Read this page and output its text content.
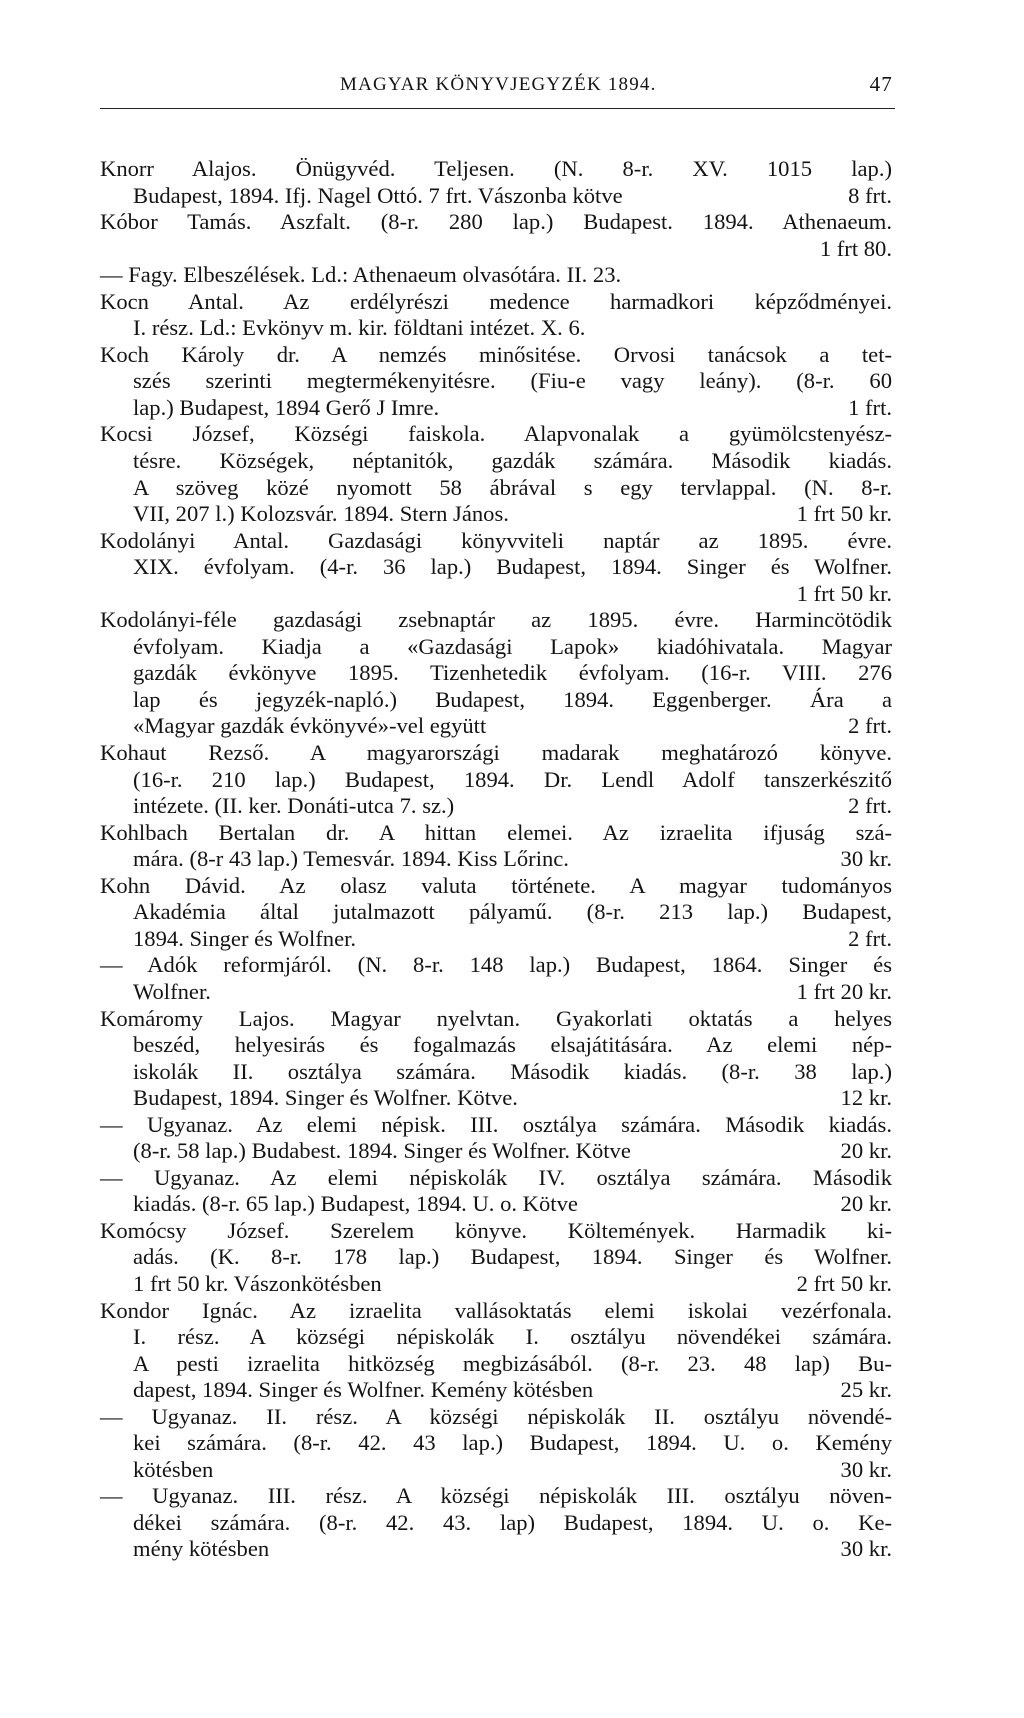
MAGYAR KÖNYVJEGYZÉK 1894.	47
Knorr Alajos. Önügyvéd. Teljesen. (N. 8-r. XV. 1015 lap.)
Budapest, 1894. Ifj. Nagel Ottó. 7 frt. Vászonba kötve	8 frt.
Kóbor Tamás. Aszfalt. (8-r. 280 lap.) Budapest. 1894. Athenaeum.
1 frt 80.
— Fagy. Elbeszélések. Ld.: Athenaeum olvasótára. II. 23.
Kocn Antal. Az erdélyrészi medence harmadkori képződményei.
I. rész. Ld.: Evkönyv m. kir. földtani intézet. X. 6.
Koch Károly dr. A nemzés minősitése. Orvosi tanácsok a tet-
szés szerinti megtermékenyitésre. (Fiu-e vagy leány). (8-r. 60
lap.) Budapest, 1894 Gerő J Imre.	1 frt.
Kocsi József, Községi faiskola. Alapvonalak a gyümölcstenyész-
tésre. Községek, néptanitók, gazdák számára. Második kiadás.
A szöveg közé nyomott 58 ábrával s egy tervlappal. (N. 8-r.
VII, 207 l.) Kolozsvár. 1894. Stern János.	1 frt 50 kr.
Kodolányi Antal. Gazdasági könyvviteli naptár az 1895. évre.
XIX. évfolyam. (4-r. 36 lap.) Budapest, 1894. Singer és Wolfner.
1 frt 50 kr.
Kodolányi-féle gazdasági zsebnaptár az 1895. évre. Harmincötödik
évfolyam. Kiadja a «Gazdasági Lapok» kiadóhivatala. Magyar
gazdák évkönyve 1895. Tizenhetedik évfolyam. (16-r. VIII. 276
lap és jegyzék-napló.) Budapest, 1894. Eggenberger. Ára a
«Magyar gazdák évkönyvé»-vel együtt	2 frt.
Kohaut Rezső. A magyarországi madarak meghatározó könyve.
(16-r. 210 lap.) Budapest, 1894. Dr. Lendl Adolf tanszerkészitő
intézete. (II. ker. Donáti-utca 7. sz.)	2 frt.
Kohlbach Bertalan dr. A hittan elemei. Az izraelita ifjuság szá-
mára. (8-r 43 lap.) Temesvár. 1894. Kiss Lőrinc.	30 kr.
Kohn Dávid. Az olasz valuta története. A magyar tudományos
Akadémia által jutalmazott pályamű. (8-r. 213 lap.) Budapest,
1894. Singer és Wolfner.	2 frt.
— Adók reformjáról. (N. 8-r. 148 lap.) Budapest, 1864. Singer és
Wolfner.	1 frt 20 kr.
Komáromy Lajos. Magyar nyelvtan. Gyakorlati oktatás a helyes
beszéd, helyesirás és fogalmazás elsajátitására. Az elemi nép-
iskolák II. osztálya számára. Második kiadás. (8-r. 38 lap.)
Budapest, 1894. Singer és Wolfner. Kötve.	12 kr.
— Ugyanaz. Az elemi népisk. III. osztálya számára. Második kiadás.
(8-r. 58 lap.) Budabest. 1894. Singer és Wolfner. Kötve	20 kr.
— Ugyanaz. Az elemi népiskolák IV. osztálya számára. Második
kiadás. (8-r. 65 lap.) Budapest, 1894. U. o. Kötve	20 kr.
Komócsy József. Szerelem könyve. Költemények. Harmadik ki-
adás. (K. 8-r. 178 lap.) Budapest, 1894. Singer és Wolfner.
1 frt 50 kr. Vászonkötésben	2 frt 50 kr.
Kondor Ignác. Az izraelita vallásoktatás elemi iskolai vezérfonala.
I. rész. A községi népiskolák I. osztályu növendékei számára.
A pesti izraelita hitközség megbizásából. (8-r. 23. 48 lap) Bu-
dapest, 1894. Singer és Wolfner. Kemény kötésben	25 kr.
— Ugyanaz. II. rész. A községi népiskolák II. osztályu növendé-
kei számára. (8-r. 42. 43 lap.) Budapest, 1894. U. o. Kemény
kötésben	30 kr.
— Ugyanaz. III. rész. A községi népiskolák III. osztályu növen-
dékei számára. (8-r. 42. 43. lap) Budapest, 1894. U. o. Ke-
mény kötésben	30 kr.
